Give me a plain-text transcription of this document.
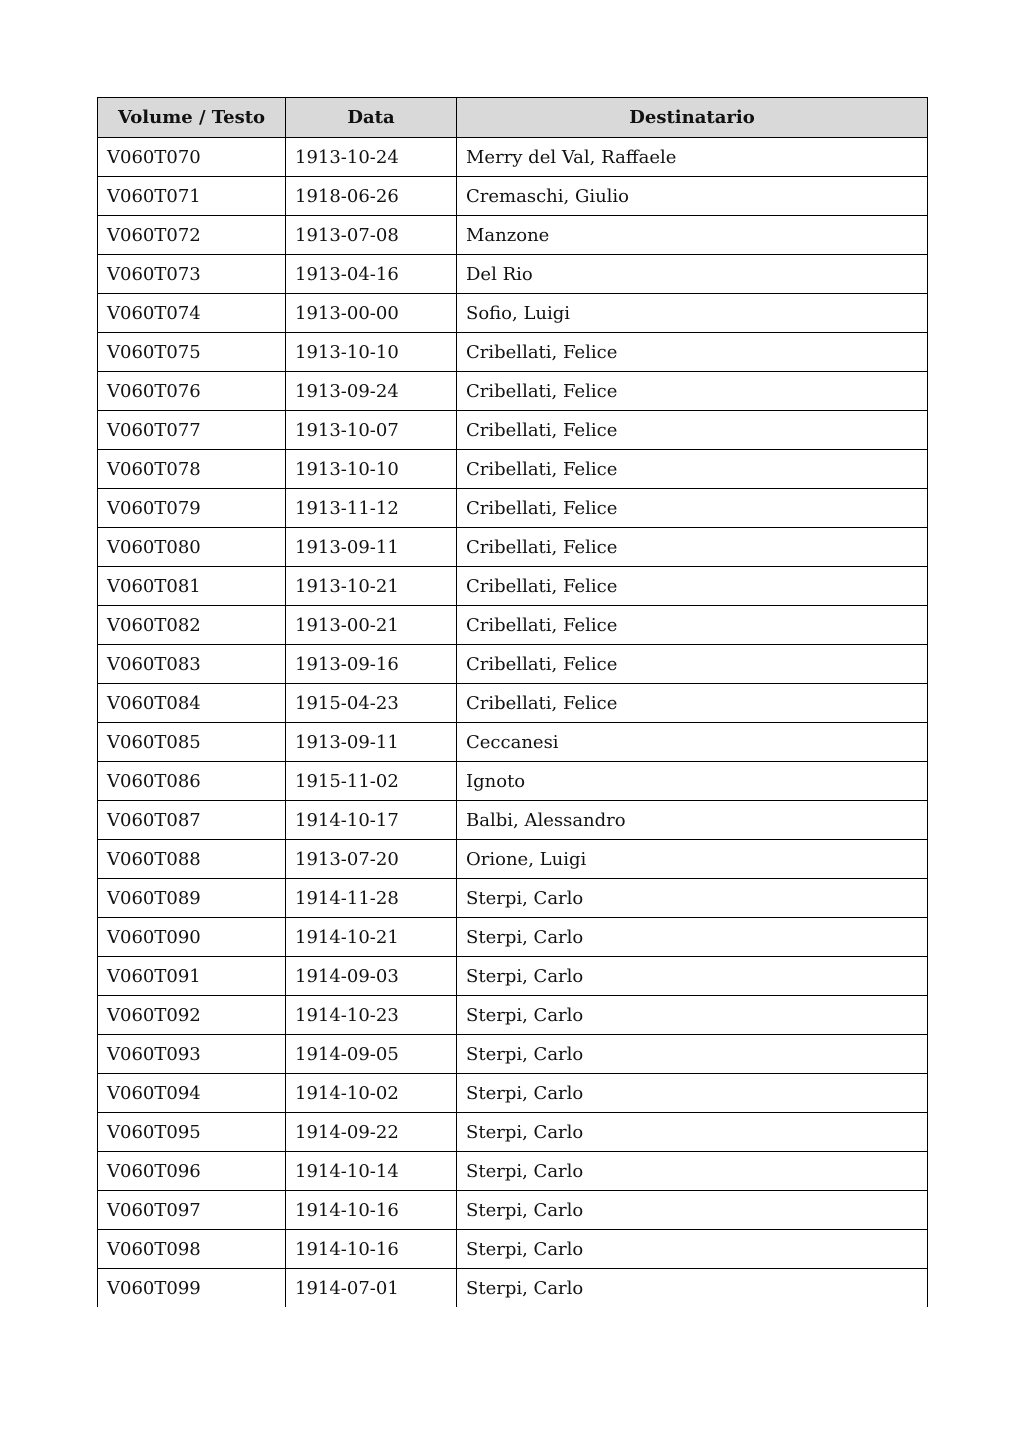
Volume / Testo	Data	Destinatario
V060T070	1913-10-24	Merry del Val, Raffaele
V060T071	1918-06-26	Cremaschi, Giulio
V060T072	1913-07-08	Manzone
V060T073	1913-04-16	Del Rio
V060T074	1913-00-00	Sofio, Luigi
V060T075	1913-10-10	Cribellati, Felice
V060T076	1913-09-24	Cribellati, Felice
V060T077	1913-10-07	Cribellati, Felice
V060T078	1913-10-10	Cribellati, Felice
V060T079	1913-11-12	Cribellati, Felice
V060T080	1913-09-11	Cribellati, Felice
V060T081	1913-10-21	Cribellati, Felice
V060T082	1913-00-21	Cribellati, Felice
V060T083	1913-09-16	Cribellati, Felice
V060T084	1915-04-23	Cribellati, Felice
V060T085	1913-09-11	Ceccanesi
V060T086	1915-11-02	Ignoto
V060T087	1914-10-17	Balbi, Alessandro
V060T088	1913-07-20	Orione, Luigi
V060T089	1914-11-28	Sterpi, Carlo
V060T090	1914-10-21	Sterpi, Carlo
V060T091	1914-09-03	Sterpi, Carlo
V060T092	1914-10-23	Sterpi, Carlo
V060T093	1914-09-05	Sterpi, Carlo
V060T094	1914-10-02	Sterpi, Carlo
V060T095	1914-09-22	Sterpi, Carlo
V060T096	1914-10-14	Sterpi, Carlo
V060T097	1914-10-16	Sterpi, Carlo
V060T098	1914-10-16	Sterpi, Carlo
V060T099	1914-07-01	Sterpi, Carlo
